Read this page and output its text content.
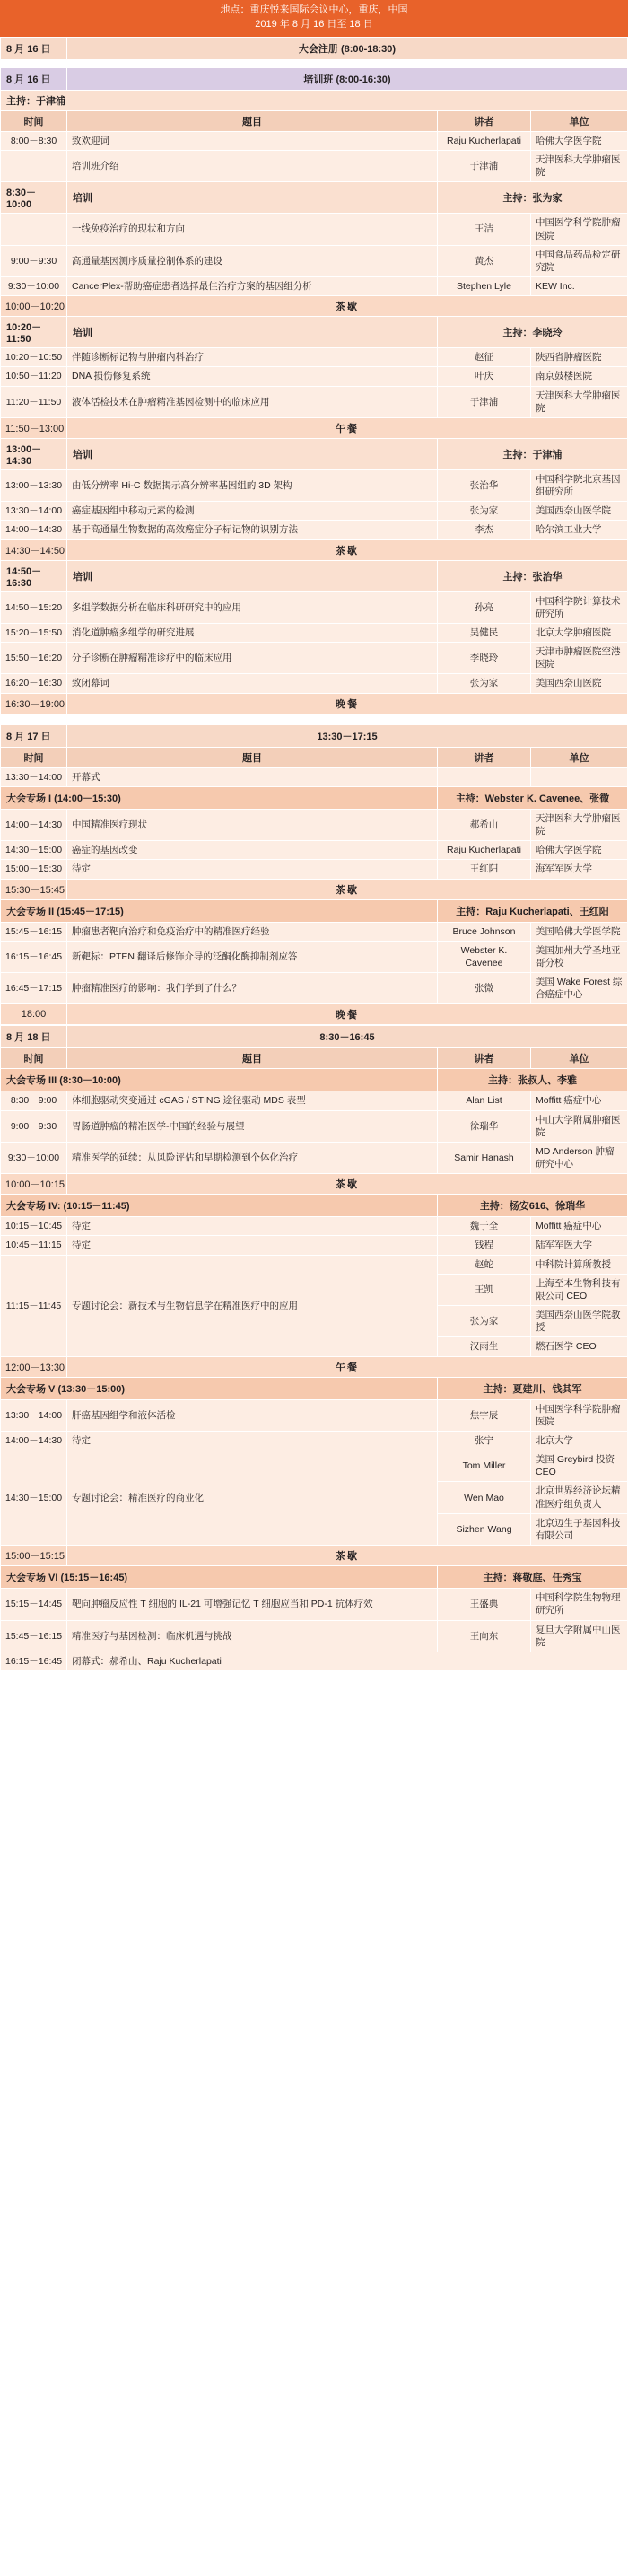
地点：重庆悦来国际会议中心，重庆，中国
2019 年 8 月 16 日至 18 日
8 月 16 日	大会注册 (8:00-18:30)		

8 月 16 日	培训班 (8:00-16:30)		
主持：于津浦			
时间	题目	讲者	单位
8:00－8:30	致欢迎词	Raju Kucherlapati	哈佛大学医学院
	培训班介绍	于津浦	天津医科大学肿瘤医院
8:30－10:00	培训	主持：张为家	
	一线免疫治疗的现状和方向	王洁	中国医学科学院肿瘤医院
9:00－9:30	高通量基因测序质量控制体系的建设	黄杰	中国食品药品检定研究院
9:30－10:00	CancerPlex-帮助癌症患者选择最佳治疗方案的基因组分析	Stephen Lyle	KEW Inc.
10:00－10:20	茶歇		
10:20－11:50	培训	主持：李晓玲	
10:20－10:50	伴随诊断标记物与肿瘤内科治疗	赵征	陕西省肿瘤医院
10:50－11:20	DNA 损伤修复系统	叶庆	南京鼓楼医院
11:20－11:50	液体活检技术在肿瘤精准基因检测中的临床应用	于津浦	天津医科大学肿瘤医院
11:50－13:00	午餐		
13:00－14:30	培训	主持：于津浦	
13:00－13:30	由低分辨率 Hi-C 数据揭示高分辨率基因组的 3D 架构	张治华	中国科学院北京基因组研究所
13:30－14:00	癌症基因组中移动元素的检测	张为家	美国西奈山医学院
14:00－14:30	基于高通量生物数据的高效癌症分子标记物的识别方法	李杰	哈尔滨工业大学
14:30－14:50	茶歇		
14:50－16:30	培训	主持：张治华	
14:50－15:20	多组学数据分析在临床科研研究中的应用	孙亮	中国科学院计算技术研究所
15:20－15:50	消化道肿瘤多组学的研究进展	吴健民	北京大学肿瘤医院
15:50－16:20	分子诊断在肿瘤精准诊疗中的临床应用	李晓玲	天津市肿瘤医院空港医院
16:20－16:30	致闭幕词	张为家	美国西奈山医院
16:30－19:00	晚餐		
8 月 17 日	13:30－17:15		
时间	题目	讲者	单位
13:30－14:00	开幕式		
大会专场 I (14:00－15:30)		主持：Webster K. Cavenee、张微	
14:00－14:30	中国精准医疗现状	郝希山	天津医科大学肿瘤医院
14:30－15:00	癌症的基因改变	Raju Kucherlapati	哈佛大学医学院
15:00－15:30	待定	王红阳	海军军医大学
15:30－15:45	茶歇		
大会专场 II (15:45－17:15)		主持：Raju Kucherlapati、王红阳	
15:45－16:15	肿瘤患者靶向治疗和免疫治疗中的精准医疗经验	Bruce Johnson	美国哈佛大学医学院
16:15－16:45	新靶标：PTEN 翻译后修饰介导的泛酮化酶抑制剂应答	Webster K. Cavenee	美国加州大学圣地亚哥分校
16:45－17:15	肿瘤精准医疗的影响：我们学到了什么？	张微	美国 Wake Forest 综合癌症中心
18:00	晚餐		
8 月 18 日	8:30－16:45		
时间	题目	讲者	单位
大会专场 III (8:30－10:00)		主持：张叔人、李雅	
8:30－9:00	体细胞驱动突变通过 cGAS / STING 途径驱动 MDS 表型	Alan List	Moffitt 癌症中心
9:00－9:30	胃肠道肿瘤的精准医学-中国的经验与展望	徐瑞华	中山大学附属肿瘤医院
9:30－10:00	精准医学的延续：从风险评估和早期检测到个体化治疗	Samir Hanash	MD Anderson 肿瘤研究中心
10:00－10:15	茶歇		
大会专场 IV: (10:15－11:45)		主持：杨安616、徐瑞华	
10:15－10:45	待定	魏于全	Moffitt 癌症中心
10:45－11:15	待定	钱程	陆军军医大学
11:15－11:45	专题讨论会：新技术与生物信息学在精准医疗中的应用	赵蛇	中科院计算所教授
		王凯	上海至本生物科技有限公司 CEO
		张为家	美国西奈山医学院教授
		汉雨生	燃石医学 CEO
12:00－13:30	午餐		
大会专场 V (13:30－15:00)		主持：夏建川、钱其军	
13:30－14:00	肝癌基因组学和液体活检	焦宇辰	中国医学科学院肿瘤医院
14:00－14:30	待定	张宁	北京大学
14:30－15:00	专题讨论会：精准医疗的商业化	Tom Miller	美国 Greybird 投资 CEO
		Wen Mao	北京世界经济论坛精准医疗组负责人
		Sizhen Wang	北京迈生子基因科技有限公司
15:00－15:15	茶歇		
大会专场 VI (15:15－16:45)		主持：蒋敬庭、任秀宝	
15:15－14:45	靶向肿瘤反应性 T 细胞的 IL-21 可增强记忆 T 细胞应当和 PD-1 抗体疗效	王盛典	中国科学院生物物理研究所
15:45－16:15	精准医疗与基因检测：临床机遇与挑战	王向东	复旦大学附属中山医院
16:15－16:45	闭幕式：郝希山、Raju Kucherlapati		
